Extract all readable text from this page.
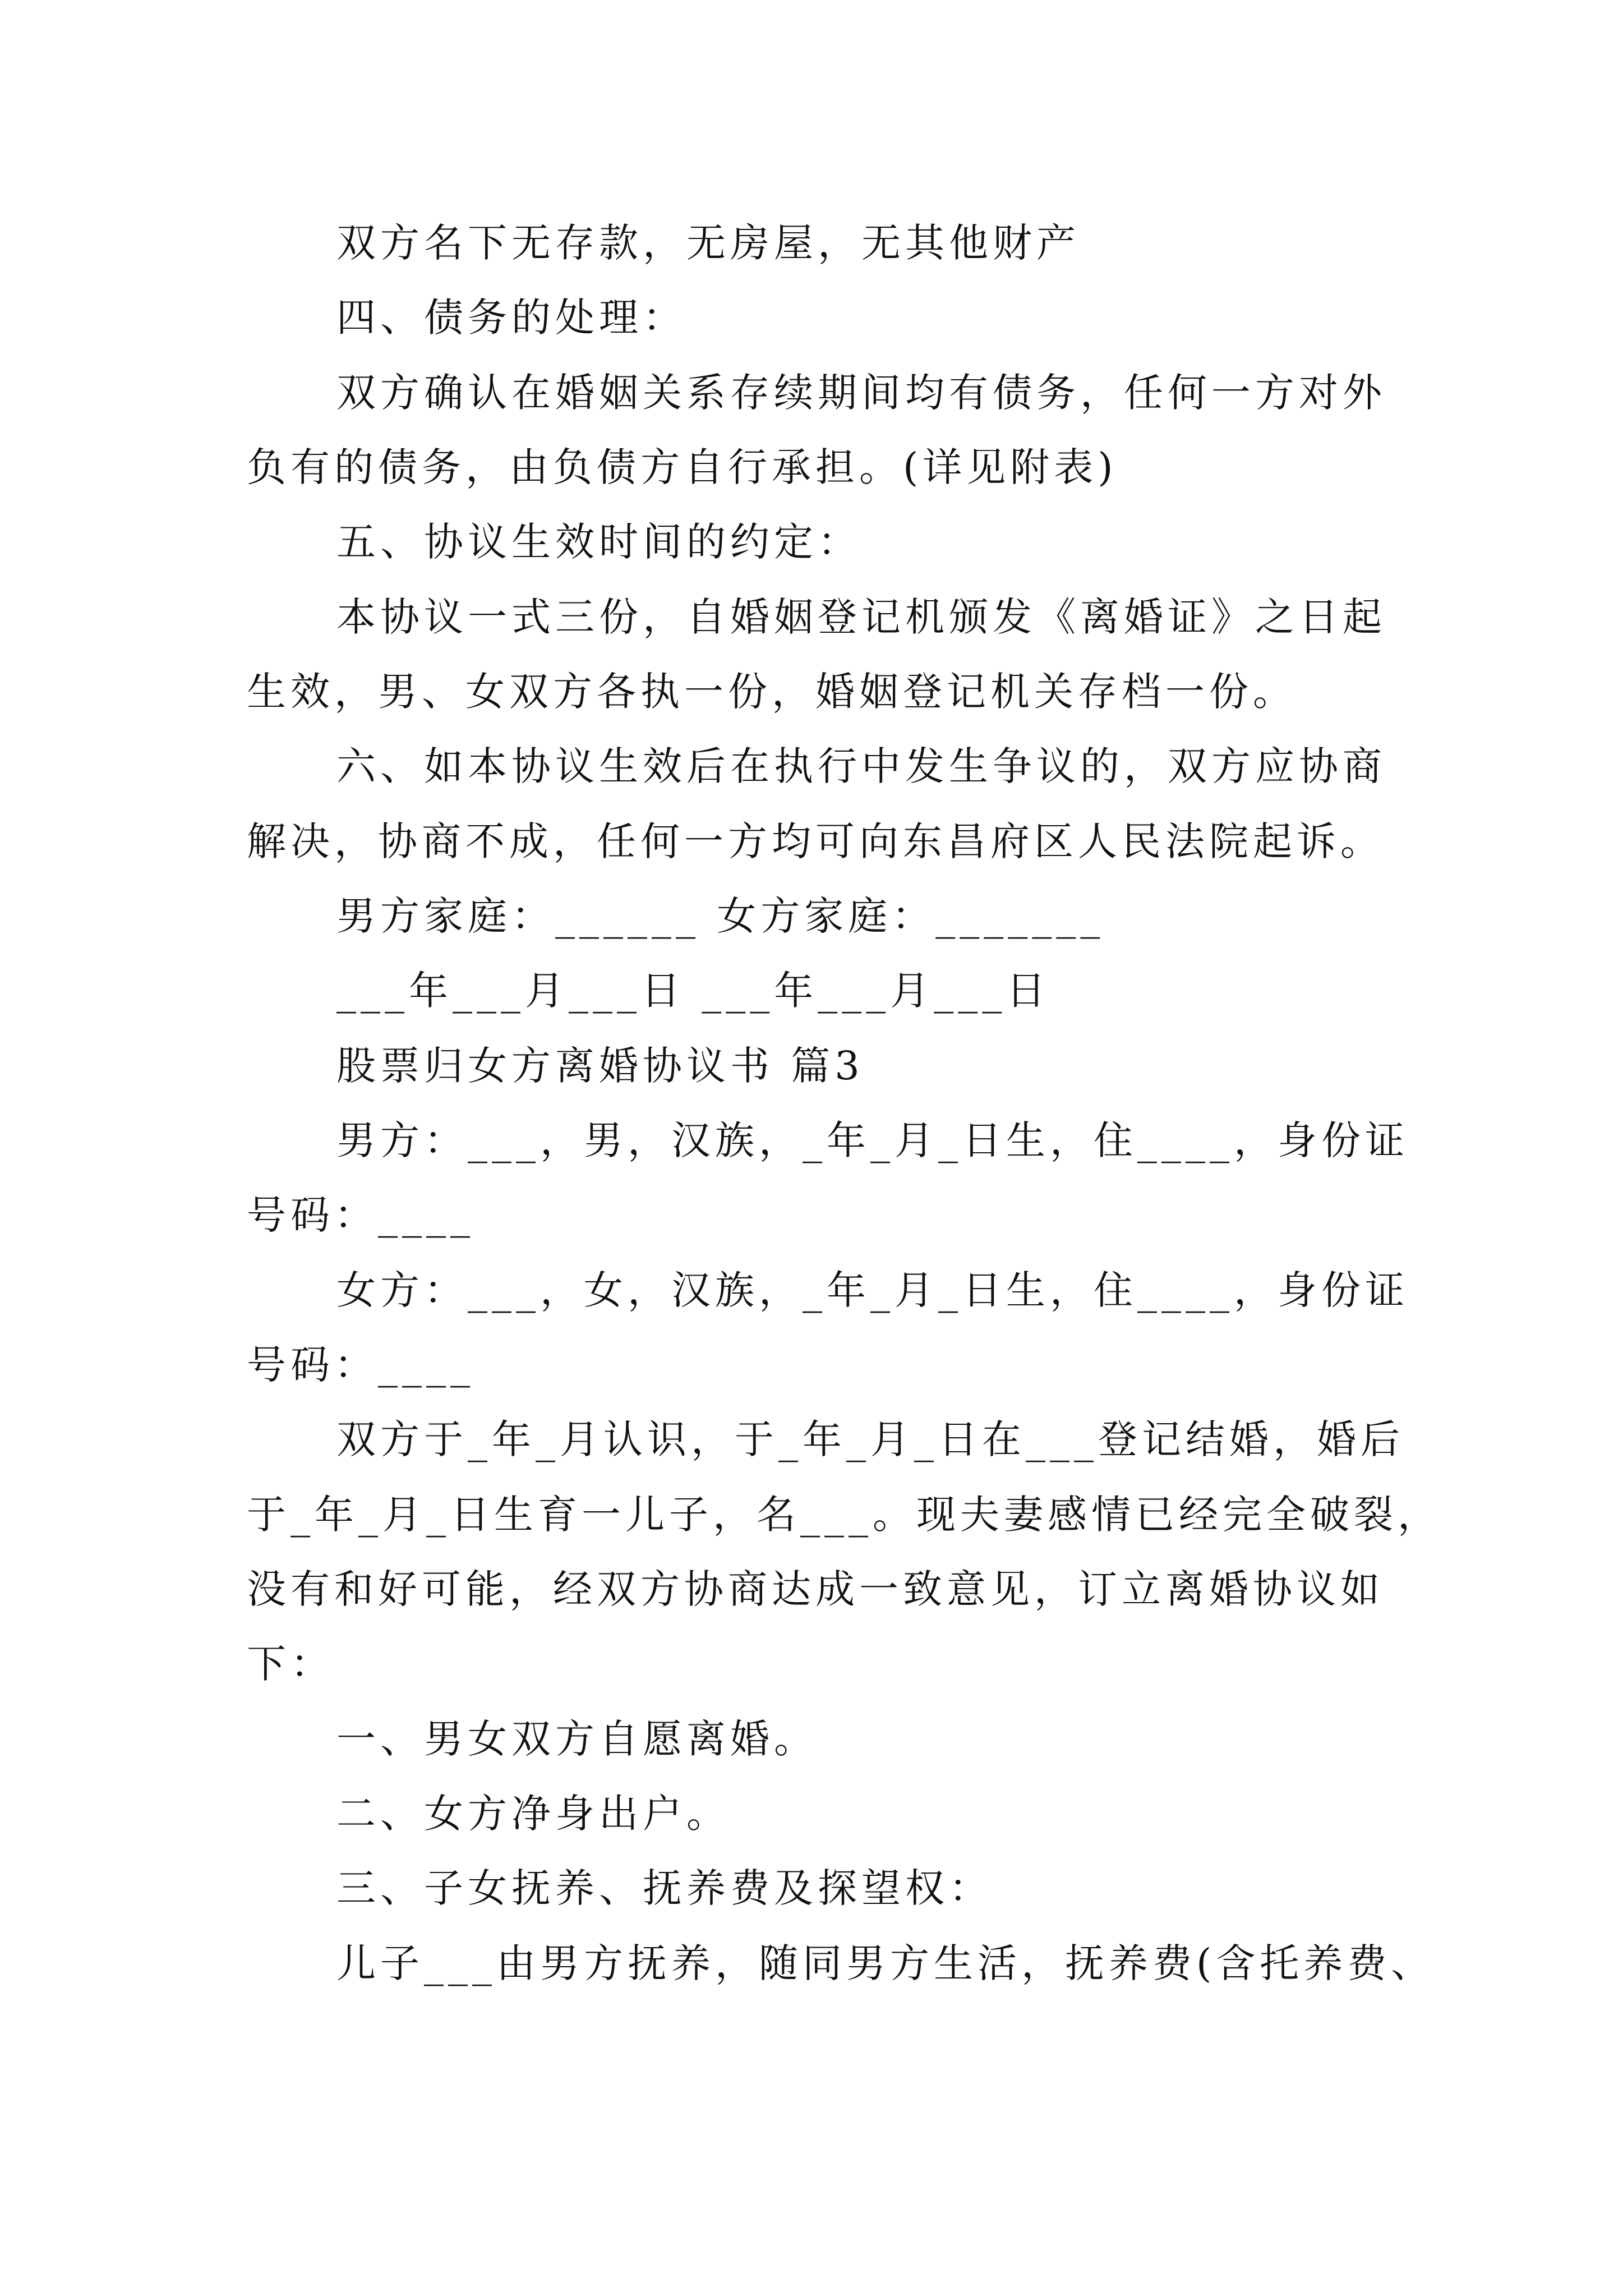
双方名下无存款，无房屋，无其他财产
四、债务的处理：
双方确认在婚姻关系存续期间均有债务，任何一方对外
负有的债务，由负债方自行承担。(详见附表)
五、协议生效时间的约定：
本协议一式三份，自婚姻登记机颁发《离婚证》之日起
生效，男、女双方各执一份，婚姻登记机关存档一份。
六、如本协议生效后在执行中发生争议的，双方应协商
解决，协商不成，任何一方均可向东昌府区人民法院起诉。
男方家庭：______ 女方家庭：_______
___年___月___日 ___年___月___日
股票归女方离婚协议书 篇3
男方：___，男，汉族，_年_月_日生，住____，身份证
号码：____
女方：___，女，汉族，_年_月_日生，住____，身份证
号码：____
双方于_年_月认识，于_年_月_日在___登记结婚，婚后
于_年_月_日生育一儿子，名___。现夫妻感情已经完全破裂，
没有和好可能，经双方协商达成一致意见，订立离婚协议如
下：
一、男女双方自愿离婚。
二、女方净身出户。
三、子女抚养、抚养费及探望权：
儿子___由男方抚养，随同男方生活，抚养费(含托养费、
